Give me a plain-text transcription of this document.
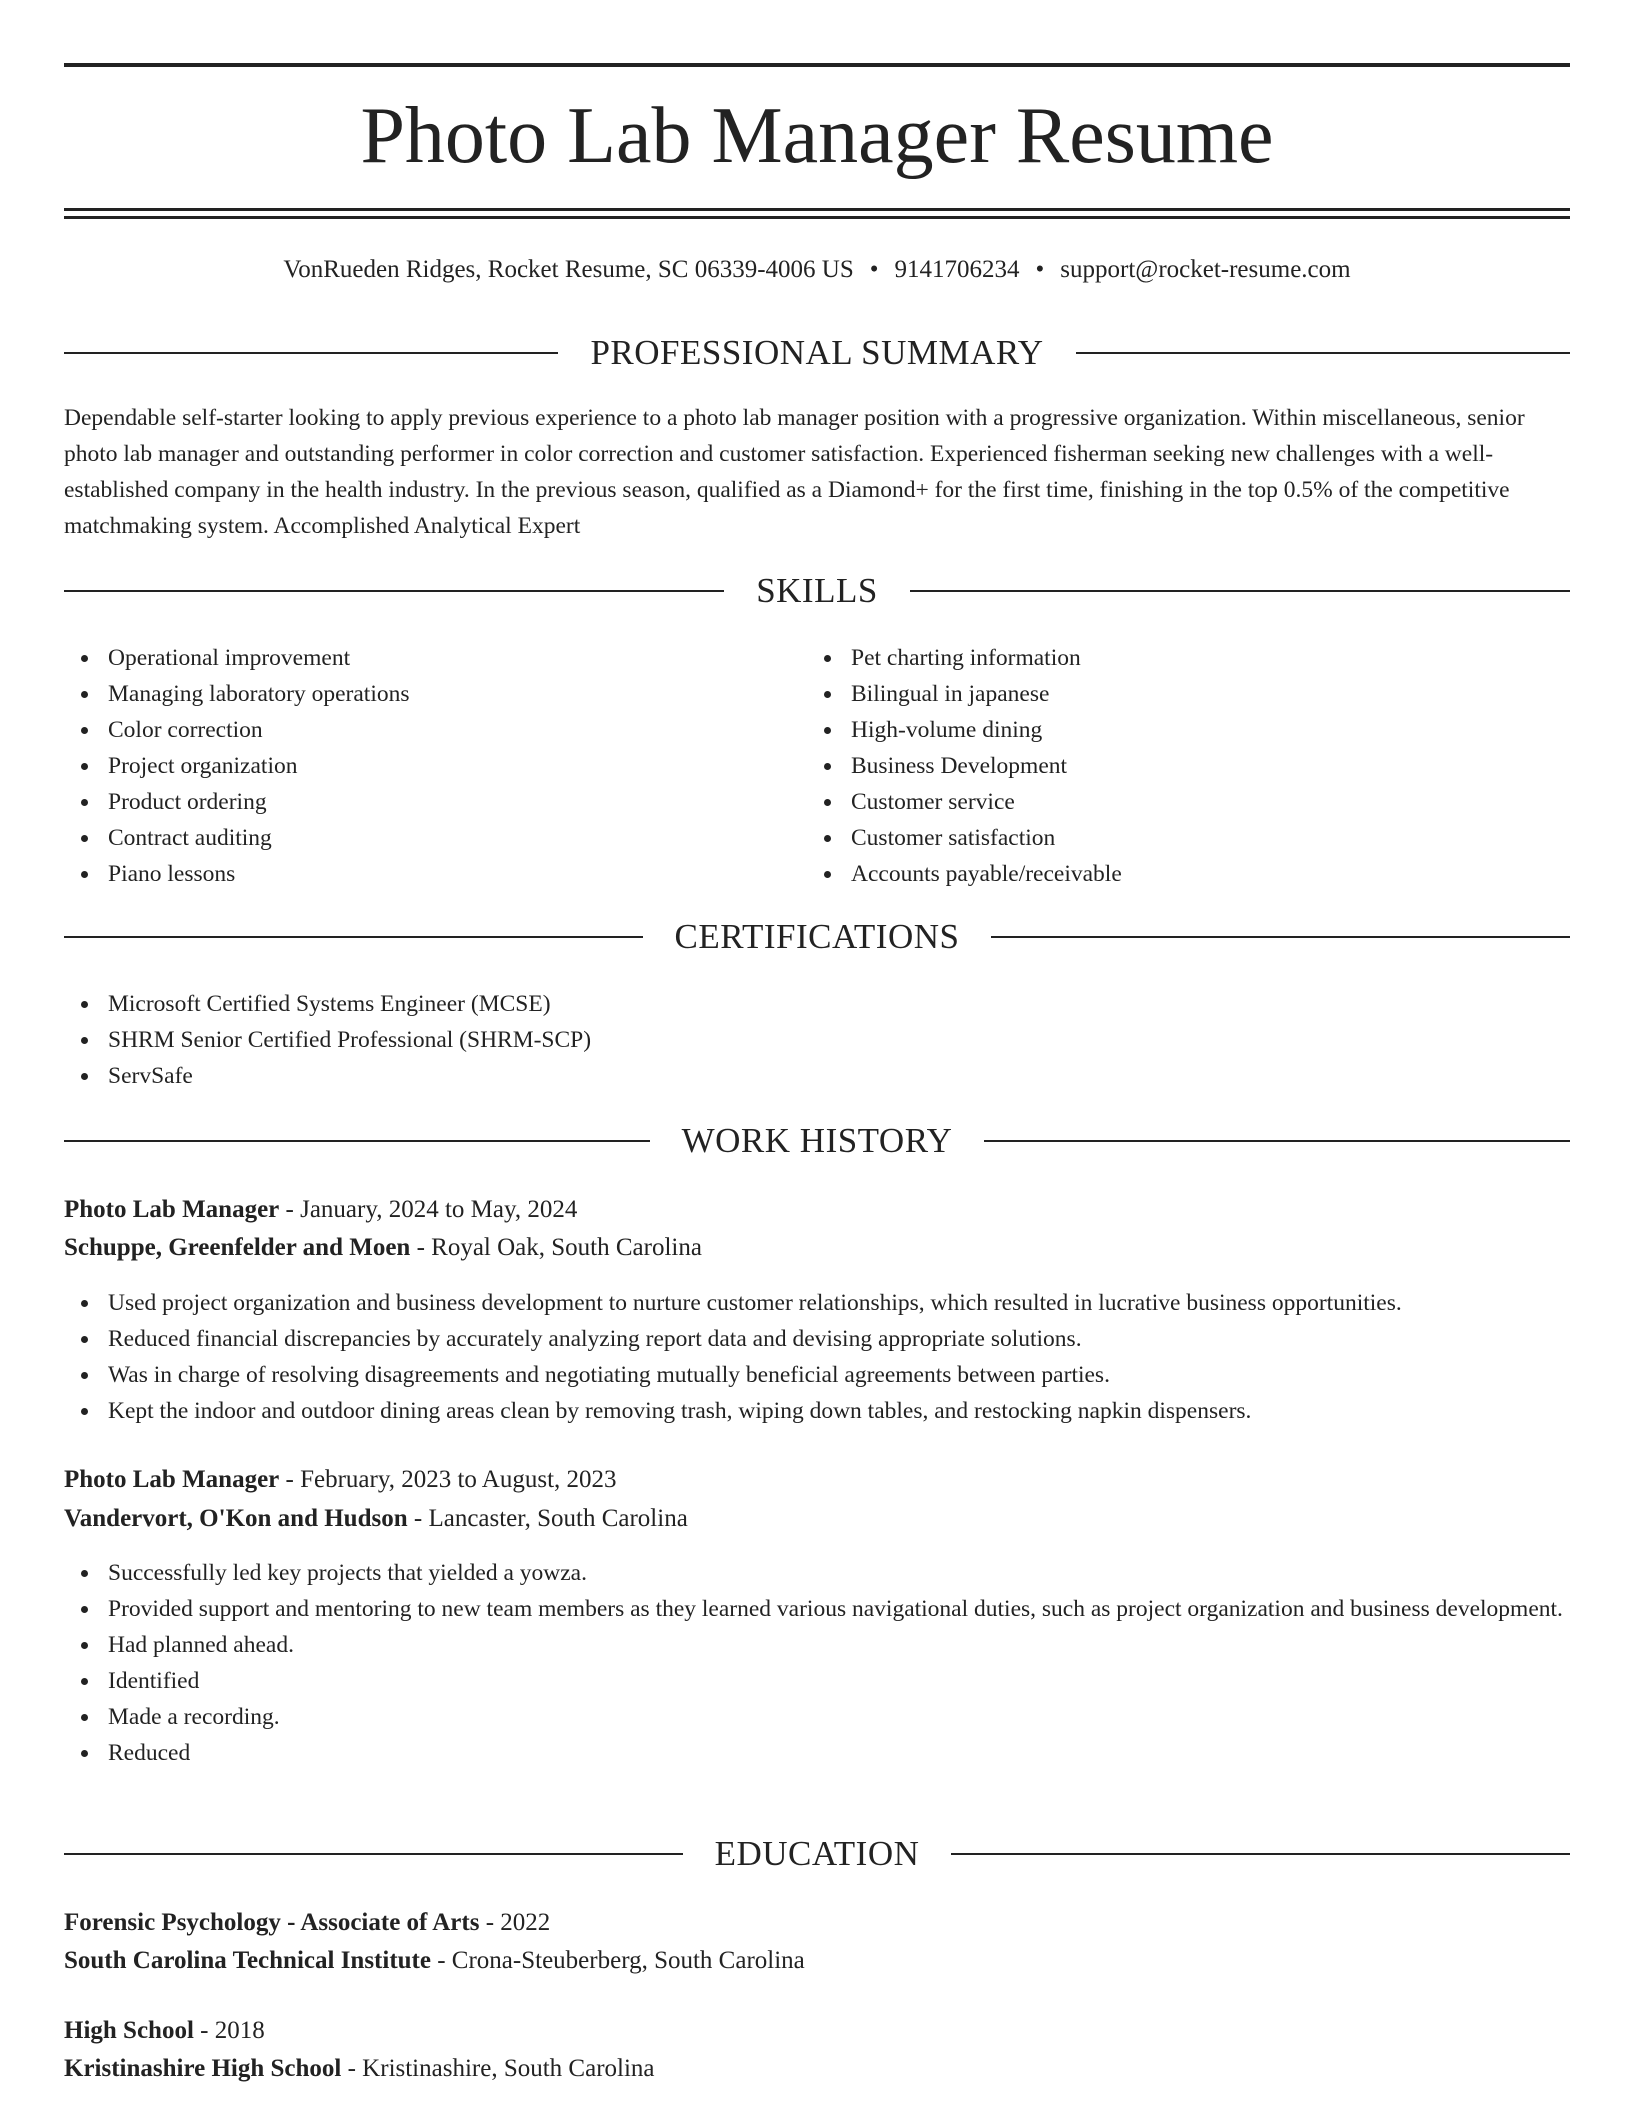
Photo Lab Manager Resume
VonRueden Ridges, Rocket Resume, SC 06339-4006 US • 9141706234 • support@rocket-resume.com
PROFESSIONAL SUMMARY
Dependable self-starter looking to apply previous experience to a photo lab manager position with a progressive organization. Within miscellaneous, senior photo lab manager and outstanding performer in color correction and customer satisfaction. Experienced fisherman seeking new challenges with a well-established company in the health industry. In the previous season, qualified as a Diamond+ for the first time, finishing in the top 0.5% of the competitive matchmaking system. Accomplished Analytical Expert
SKILLS
Operational improvement
Managing laboratory operations
Color correction
Project organization
Product ordering
Contract auditing
Piano lessons
Pet charting information
Bilingual in japanese
High-volume dining
Business Development
Customer service
Customer satisfaction
Accounts payable/receivable
CERTIFICATIONS
Microsoft Certified Systems Engineer (MCSE)
SHRM Senior Certified Professional (SHRM-SCP)
ServSafe
WORK HISTORY
Photo Lab Manager - January, 2024 to May, 2024
Schuppe, Greenfelder and Moen - Royal Oak, South Carolina
Used project organization and business development to nurture customer relationships, which resulted in lucrative business opportunities.
Reduced financial discrepancies by accurately analyzing report data and devising appropriate solutions.
Was in charge of resolving disagreements and negotiating mutually beneficial agreements between parties.
Kept the indoor and outdoor dining areas clean by removing trash, wiping down tables, and restocking napkin dispensers.
Photo Lab Manager - February, 2023 to August, 2023
Vandervort, O'Kon and Hudson - Lancaster, South Carolina
Successfully led key projects that yielded a yowza.
Provided support and mentoring to new team members as they learned various navigational duties, such as project organization and business development.
Had planned ahead.
Identified
Made a recording.
Reduced
EDUCATION
Forensic Psychology - Associate of Arts - 2022
South Carolina Technical Institute - Crona-Steuberberg, South Carolina
High School - 2018
Kristinashire High School - Kristinashire, South Carolina
